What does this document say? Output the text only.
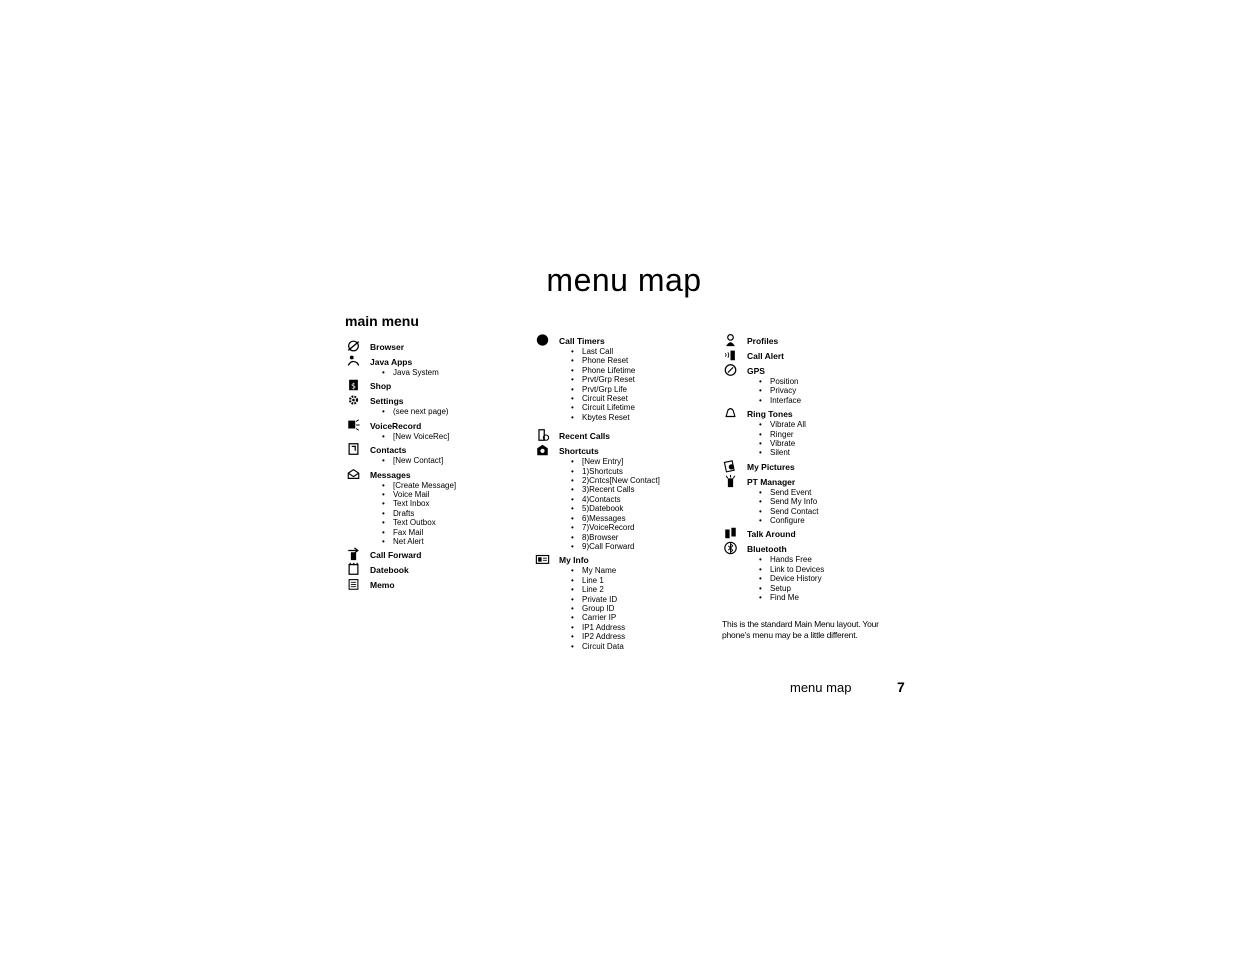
menu map
main menu
Browser
Java Apps
• Java System
$ Shop
Settings
• (see next page)
VoiceRecord
• [New VoiceRec]
Contacts
• [New Contact]
Messages
• [Create Message]
• Voice Mail
• Text Inbox
• Drafts
• Text Outbox
• Fax Mail
• Net Alert
Call Forward
Datebook
Memo
Call Timers
• Last Call
• Phone Reset
• Phone Lifetime
• Prvt/Grp Reset
• Prvt/Grp Life
• Circuit Reset
• Circuit Lifetime
• Kbytes Reset
Recent Calls
Shortcuts
• [New Entry]
• 1)Shortcuts
• 2)Cntcs[New Contact]
• 3)Recent Calls
• 4)Contacts
• 5)Datebook
• 6)Messages
• 7)VoiceRecord
• 8)Browser
• 9)Call Forward
My Info
• My Name
• Line 1
• Line 2
• Private ID
• Group ID
• Carrier IP
• IP1 Address
• IP2 Address
• Circuit Data
Profiles
Call Alert
GPS
• Position
• Privacy
• Interface
Ring Tones
• Vibrate All
• Ringer
• Vibrate
• Silent
My Pictures
PT Manager
• Send Event
• Send My Info
• Send Contact
• Configure
Talk Around
Bluetooth
• Hands Free
• Link to Devices
• Device History
• Setup
• Find Me
This is the standard Main Menu layout. Your phone’s menu may be a little different.
menu map	7
